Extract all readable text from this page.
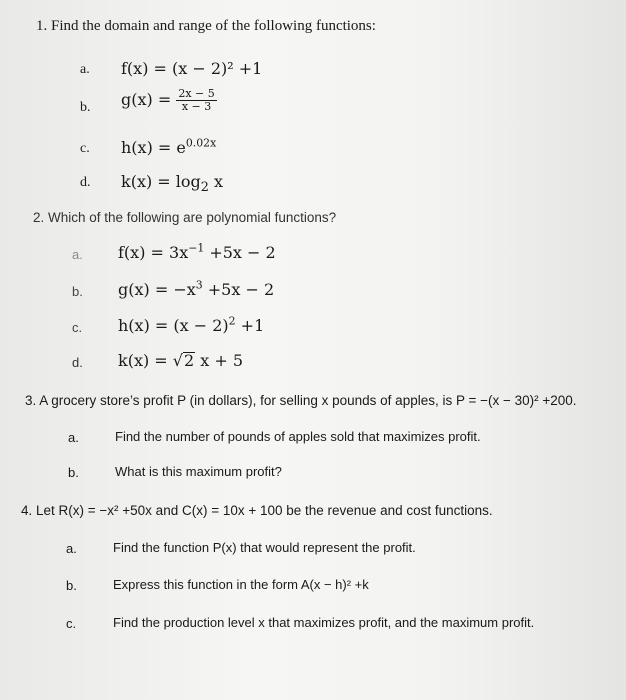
1. Find the domain and range of the following functions:
a. f(x) = (x − 2)² +1
b. $g(x) = \frac{2x - 5}{x - 3}$
c. $h(x) = e^{0.02x}$
d. $k(x) = \log_2 x$
2. Which of the following are polynomial functions?
a. $f(x) = 3x^{-1} +5x - 2$
b. $g(x) = -x^3 +5x - 2$
c. $h(x) = (x - 2)^2 +1$
d. k(x) = √2 x + 5
3. A grocery store’s profit P (in dollars), for selling x pounds of apples, is P = −(x − 30)² +200.
a.	Find the number of pounds of apples sold that maximizes profit.
b.	What is this maximum profit?
4. Let R(x) = −x² +50x and C(x) = 10x + 100 be the revenue and cost functions.
a.	Find the function P(x) that would represent the profit.
b.	Express this function in the form A(x − h)² +k
c.	Find the production level x that maximizes profit, and the maximum profit.
